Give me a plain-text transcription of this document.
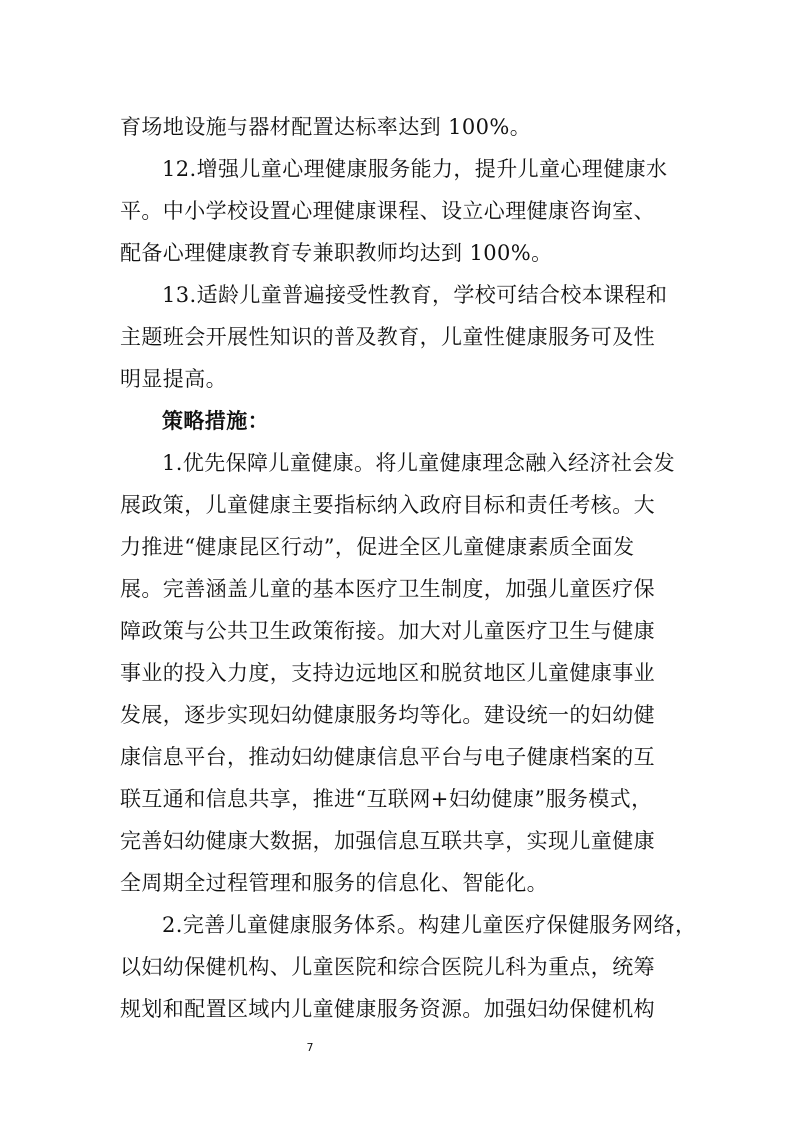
育场地设施与器材配置达标率达到 100%。
12.增强儿童心理健康服务能力，提升儿童心理健康水
平。中小学校设置心理健康课程、设立心理健康咨询室、
配备心理健康教育专兼职教师均达到 100%。
13.适龄儿童普遍接受性教育，学校可结合校本课程和
主题班会开展性知识的普及教育，儿童性健康服务可及性
明显提高。
策略措施：
1.优先保障儿童健康。将儿童健康理念融入经济社会发
展政策，儿童健康主要指标纳入政府目标和责任考核。大
力推进“健康昆区行动”，促进全区儿童健康素质全面发
展。完善涵盖儿童的基本医疗卫生制度，加强儿童医疗保
障政策与公共卫生政策衔接。加大对儿童医疗卫生与健康
事业的投入力度，支持边远地区和脱贫地区儿童健康事业
发展，逐步实现妇幼健康服务均等化。建设统一的妇幼健
康信息平台，推动妇幼健康信息平台与电子健康档案的互
联互通和信息共享，推进“互联网+妇幼健康”服务模式，
完善妇幼健康大数据，加强信息互联共享，实现儿童健康
全周期全过程管理和服务的信息化、智能化。
2.完善儿童健康服务体系。构建儿童医疗保健服务网络，
以妇幼保健机构、儿童医院和综合医院儿科为重点，统筹
规划和配置区域内儿童健康服务资源。加强妇幼保健机构
7
